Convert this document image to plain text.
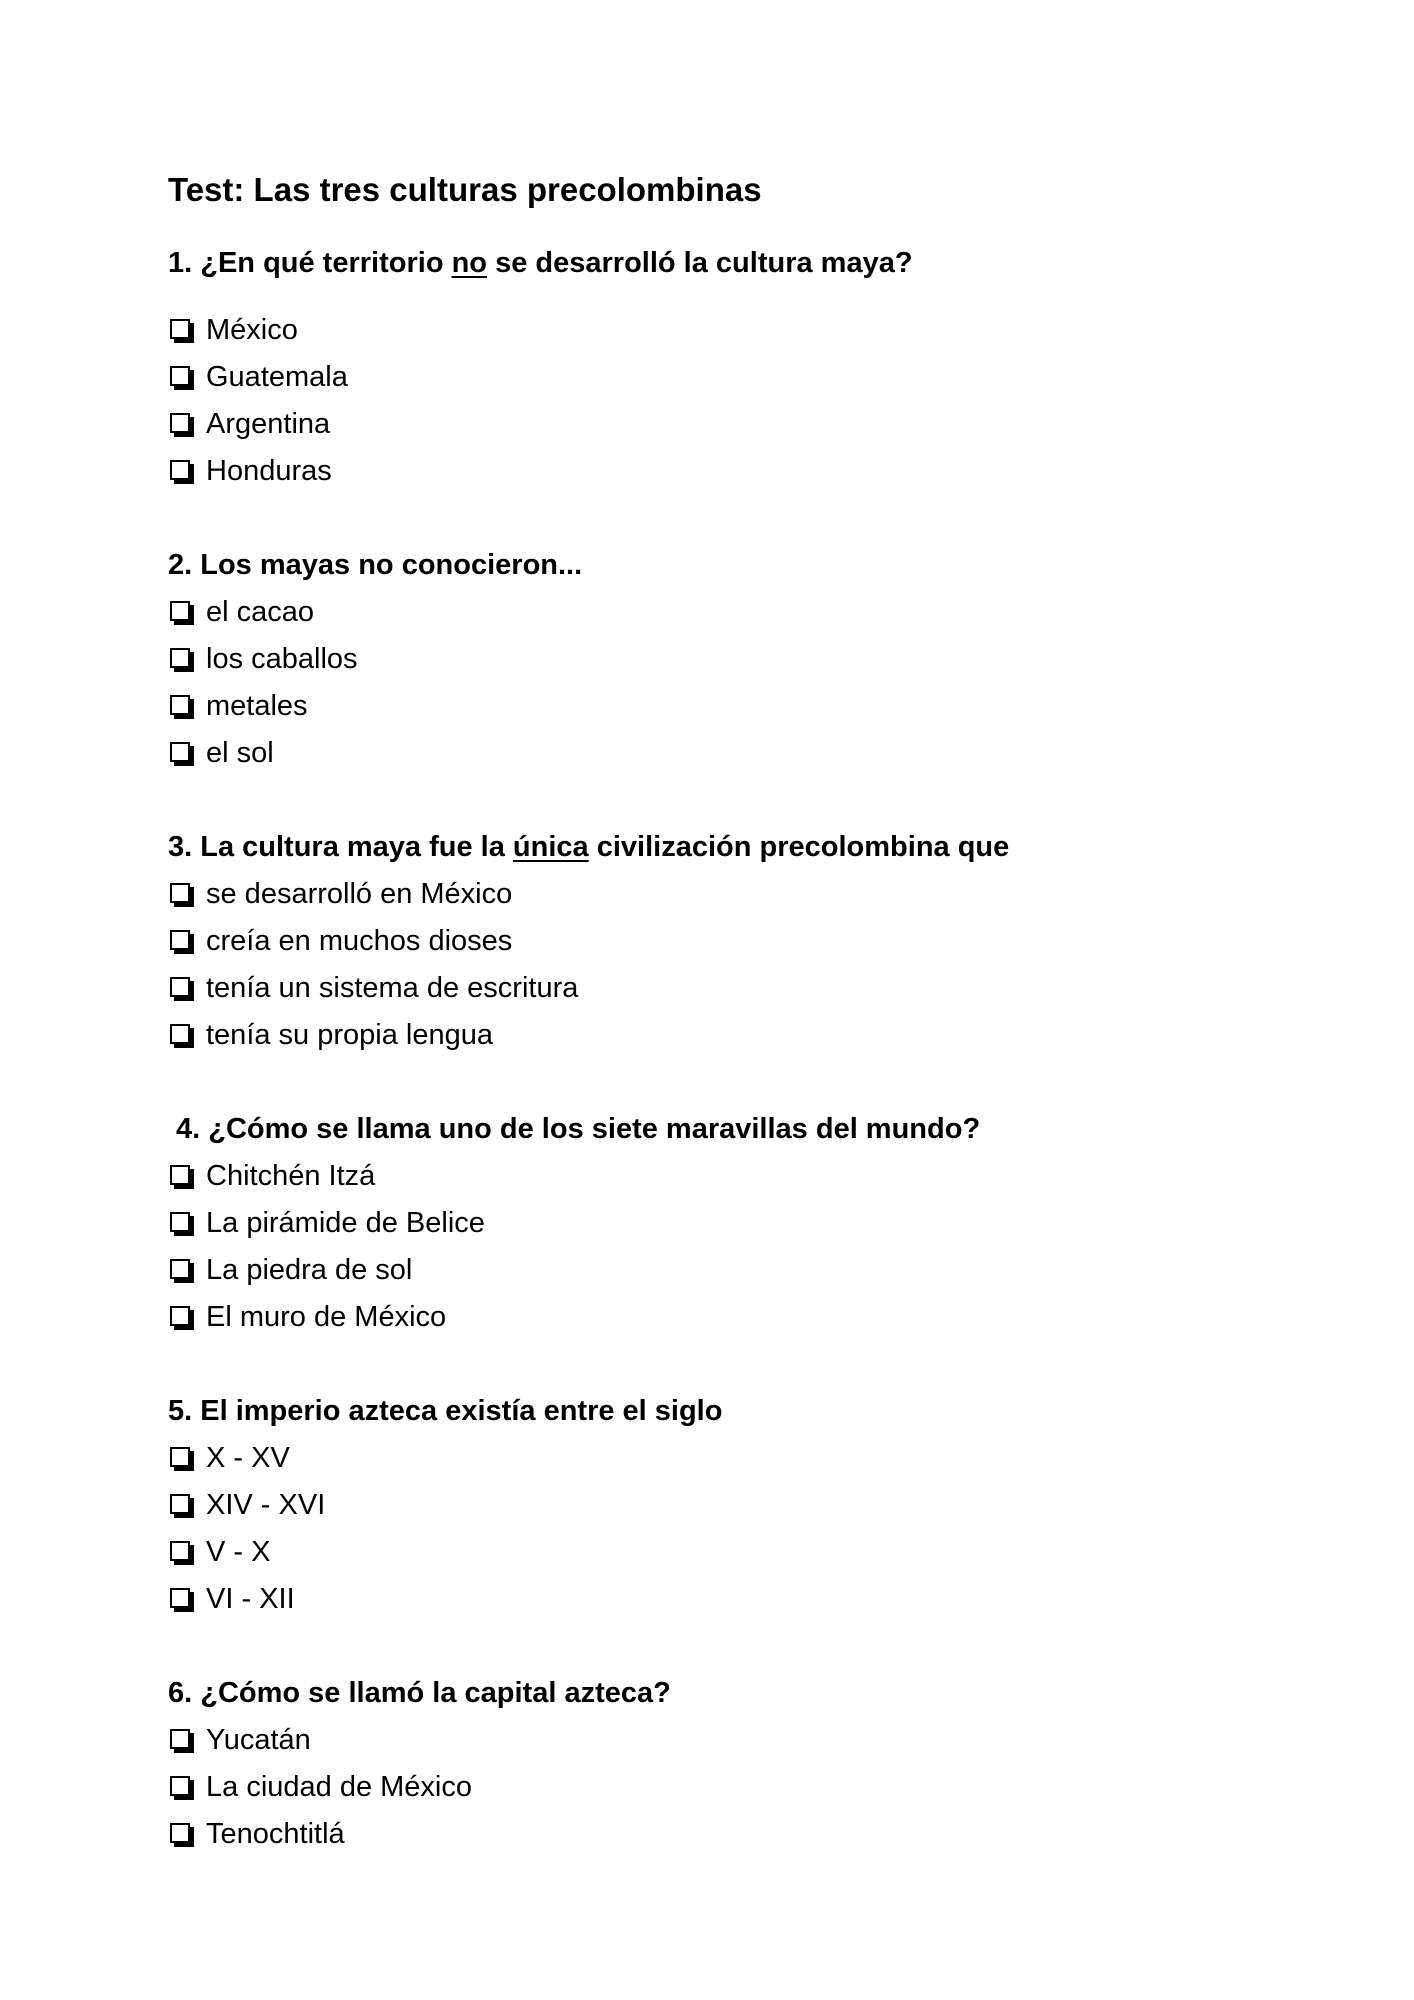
Test: Las tres culturas precolombinas

1. ¿En qué territorio no se desarrolló la cultura maya?

México
Guatemala
Argentina
Honduras

2. Los mayas no conocieron...

el cacao
los caballos
metales
el sol

3. La cultura maya fue la única civilización precolombina que

se desarrolló en México
creía en muchos dioses
tenía un sistema de escritura
tenía su propia lengua

4. ¿Cómo se llama uno de los siete maravillas del mundo?

Chitchén Itzá
La pirámide de Belice
La piedra de sol
El muro de México

5. El imperio azteca existía entre el siglo

X - XV
XIV - XVI
V - X
VI - XII

6. ¿Cómo se llamó la capital azteca?

Yucatán
La ciudad de México
Tenochtitlá
